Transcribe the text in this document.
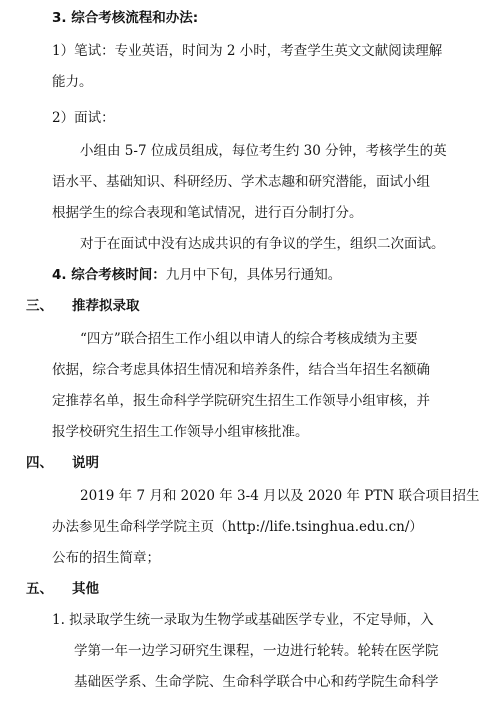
3. 综合考核流程和办法:
1）笔试：专业英语，时间为 2 小时，考查学生英文文献阅读理解
能力。
2）面试：
小组由 5-7 位成员组成，每位考生约 30 分钟，考核学生的英
语水平、基础知识、科研经历、学术志趣和研究潜能，面试小组
根据学生的综合表现和笔试情况，进行百分制打分。
对于在面试中没有达成共识的有争议的学生，组织二次面试。
4. 综合考核时间：九月中下旬，具体另行通知。
三、 推荐拟录取
“四方”联合招生工作小组以申请人的综合考核成绩为主要
依据，综合考虑具体招生情况和培养条件，结合当年招生名额确
定推荐名单，报生命科学学院研究生招生工作领导小组审核，并
报学校研究生招生工作领导小组审核批准。
四、 说明
2019 年 7 月和 2020 年 3-4 月以及 2020 年 PTN 联合项目招生
办法参见生命科学学院主页（http://life.tsinghua.edu.cn/）
公布的招生简章；
五、 其他
1. 拟录取学生统一录取为生物学或基础医学专业，不定导师，入
学第一年一边学习研究生课程，一边进行轮转。轮转在医学院
基础医学系、生命学院、生命科学联合中心和药学院生命科学
